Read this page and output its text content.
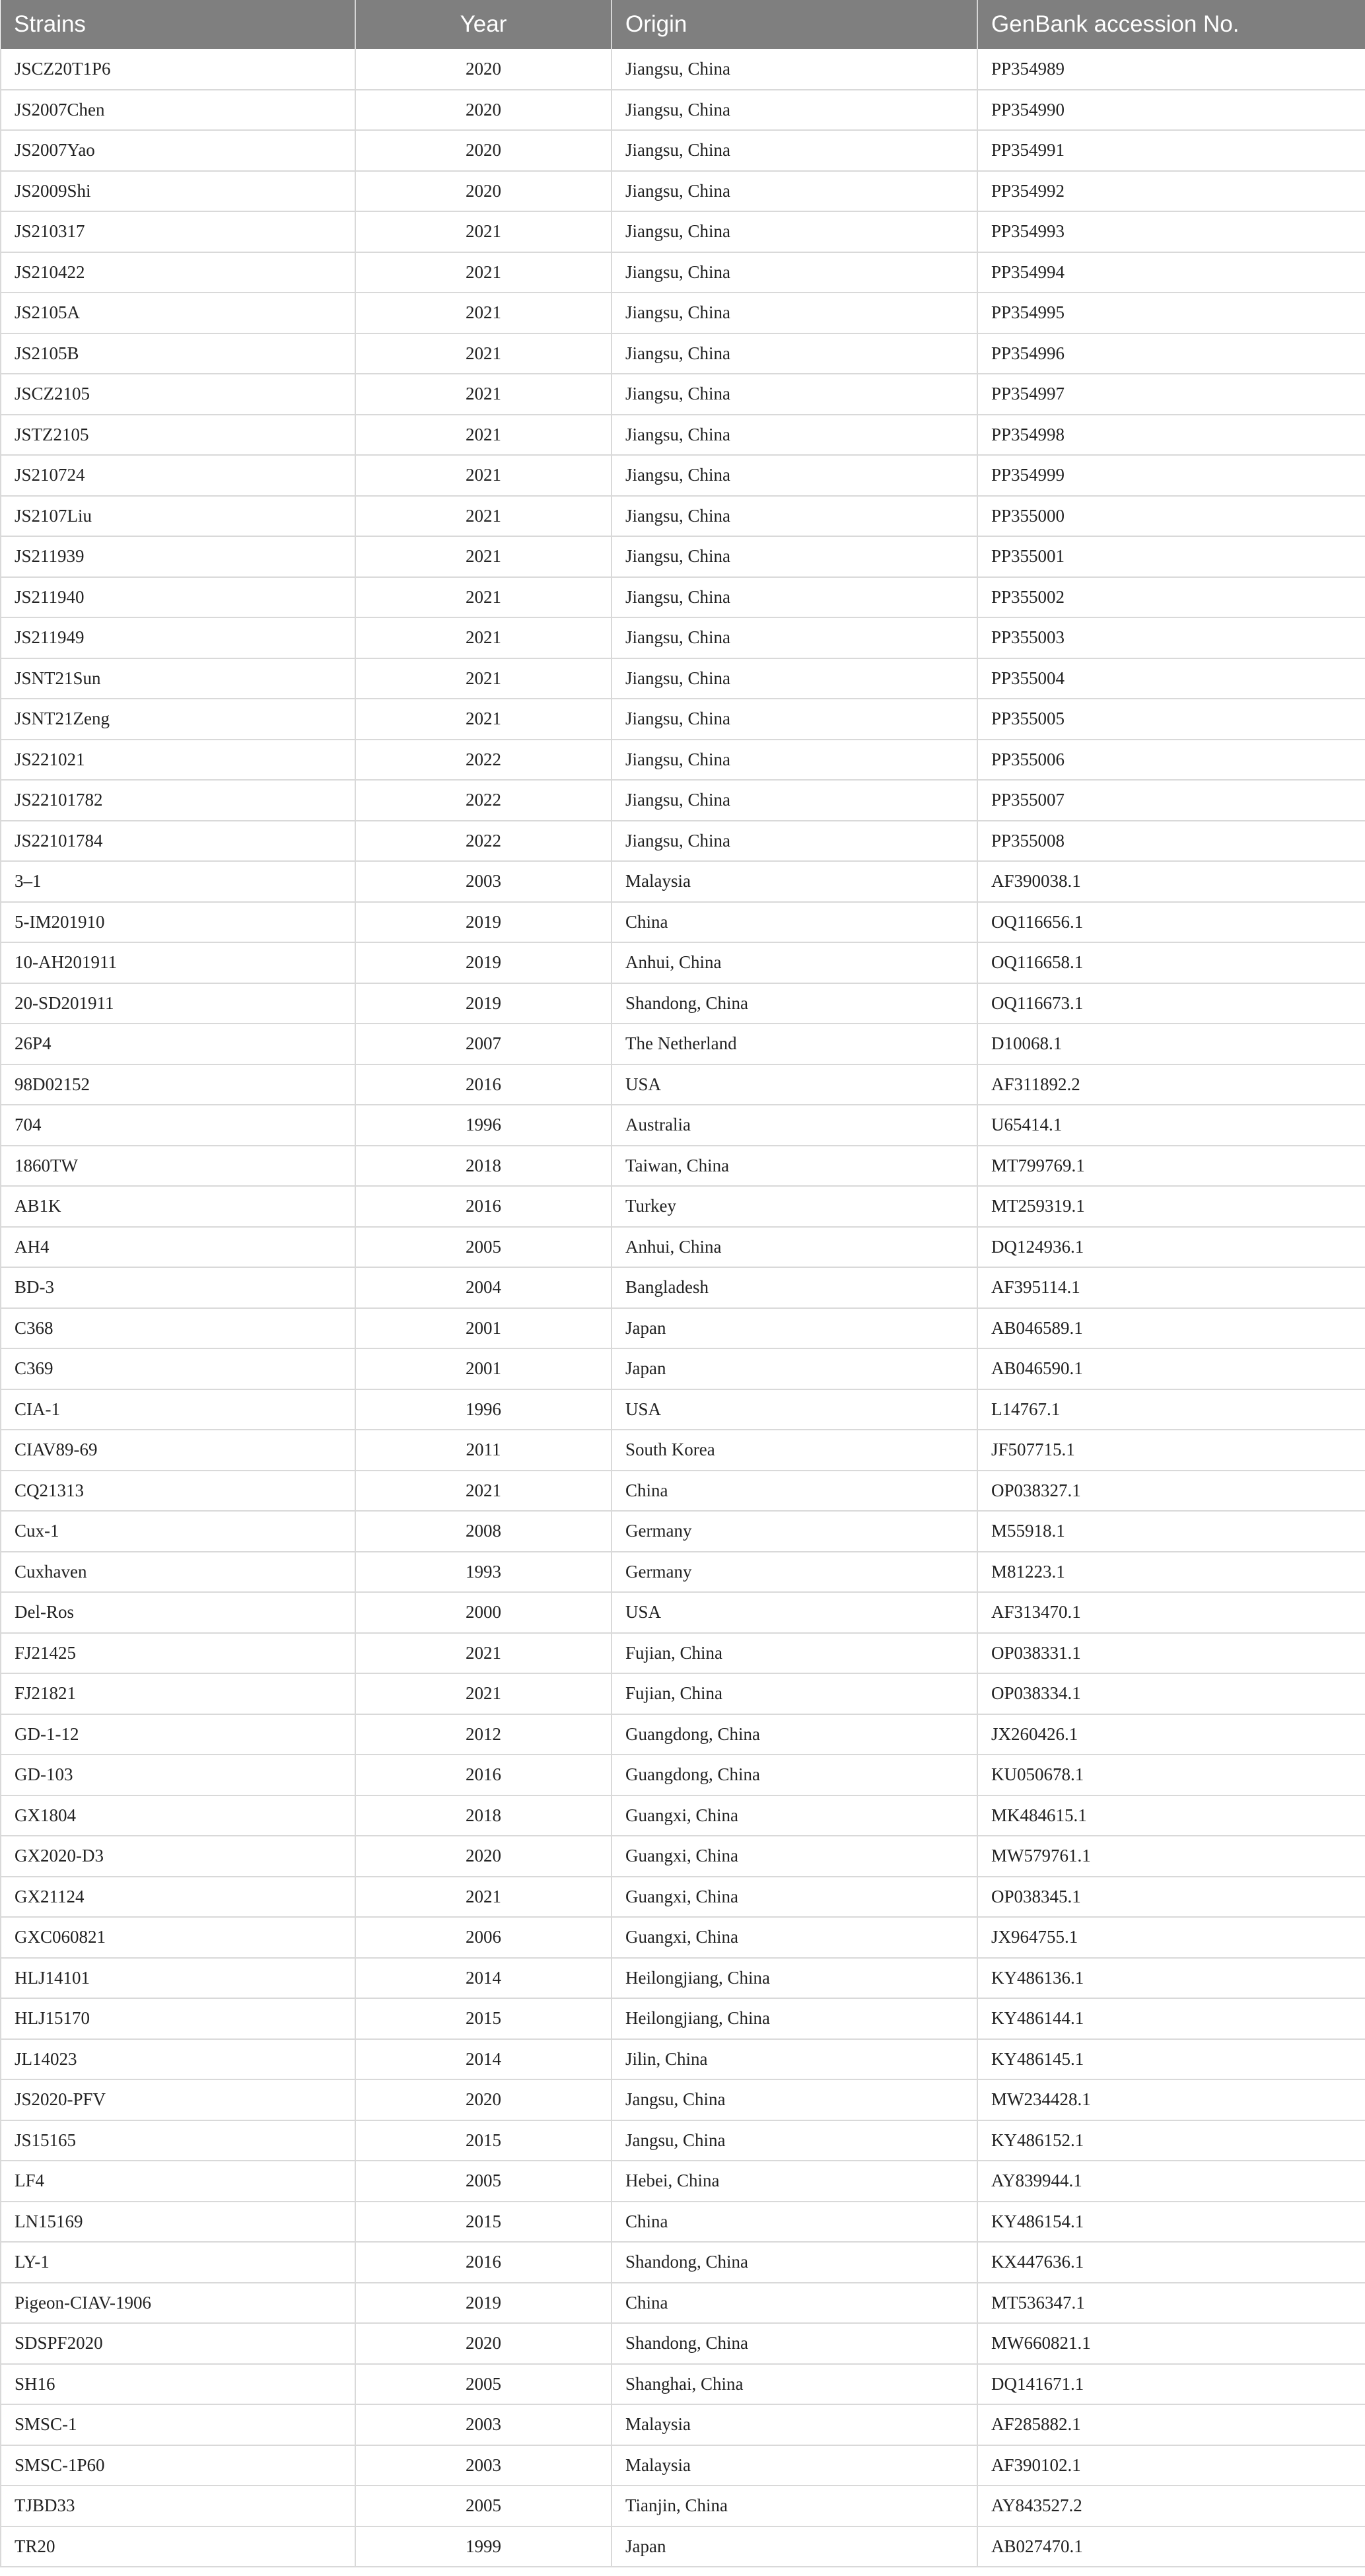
Strains	Year	Origin	GenBank accession No.
JSCZ20T1P6	2020	Jiangsu, China	PP354989
JS2007Chen	2020	Jiangsu, China	PP354990
JS2007Yao	2020	Jiangsu, China	PP354991
JS2009Shi	2020	Jiangsu, China	PP354992
JS210317	2021	Jiangsu, China	PP354993
JS210422	2021	Jiangsu, China	PP354994
JS2105A	2021	Jiangsu, China	PP354995
JS2105B	2021	Jiangsu, China	PP354996
JSCZ2105	2021	Jiangsu, China	PP354997
JSTZ2105	2021	Jiangsu, China	PP354998
JS210724	2021	Jiangsu, China	PP354999
JS2107Liu	2021	Jiangsu, China	PP355000
JS211939	2021	Jiangsu, China	PP355001
JS211940	2021	Jiangsu, China	PP355002
JS211949	2021	Jiangsu, China	PP355003
JSNT21Sun	2021	Jiangsu, China	PP355004
JSNT21Zeng	2021	Jiangsu, China	PP355005
JS221021	2022	Jiangsu, China	PP355006
JS22101782	2022	Jiangsu, China	PP355007
JS22101784	2022	Jiangsu, China	PP355008
3–1	2003	Malaysia	AF390038.1
5-IM201910	2019	China	OQ116656.1
10-AH201911	2019	Anhui, China	OQ116658.1
20-SD201911	2019	Shandong, China	OQ116673.1
26P4	2007	The Netherland	D10068.1
98D02152	2016	USA	AF311892.2
704	1996	Australia	U65414.1
1860TW	2018	Taiwan, China	MT799769.1
AB1K	2016	Turkey	MT259319.1
AH4	2005	Anhui, China	DQ124936.1
BD-3	2004	Bangladesh	AF395114.1
C368	2001	Japan	AB046589.1
C369	2001	Japan	AB046590.1
CIA-1	1996	USA	L14767.1
CIAV89-69	2011	South Korea	JF507715.1
CQ21313	2021	China	OP038327.1
Cux-1	2008	Germany	M55918.1
Cuxhaven	1993	Germany	M81223.1
Del-Ros	2000	USA	AF313470.1
FJ21425	2021	Fujian, China	OP038331.1
FJ21821	2021	Fujian, China	OP038334.1
GD-1-12	2012	Guangdong, China	JX260426.1
GD-103	2016	Guangdong, China	KU050678.1
GX1804	2018	Guangxi, China	MK484615.1
GX2020-D3	2020	Guangxi, China	MW579761.1
GX21124	2021	Guangxi, China	OP038345.1
GXC060821	2006	Guangxi, China	JX964755.1
HLJ14101	2014	Heilongjiang, China	KY486136.1
HLJ15170	2015	Heilongjiang, China	KY486144.1
JL14023	2014	Jilin, China	KY486145.1
JS2020-PFV	2020	Jangsu, China	MW234428.1
JS15165	2015	Jangsu, China	KY486152.1
LF4	2005	Hebei, China	AY839944.1
LN15169	2015	China	KY486154.1
LY-1	2016	Shandong, China	KX447636.1
Pigeon-CIAV-1906	2019	China	MT536347.1
SDSPF2020	2020	Shandong, China	MW660821.1
SH16	2005	Shanghai, China	DQ141671.1
SMSC-1	2003	Malaysia	AF285882.1
SMSC-1P60	2003	Malaysia	AF390102.1
TJBD33	2005	Tianjin, China	AY843527.2
TR20	1999	Japan	AB027470.1
